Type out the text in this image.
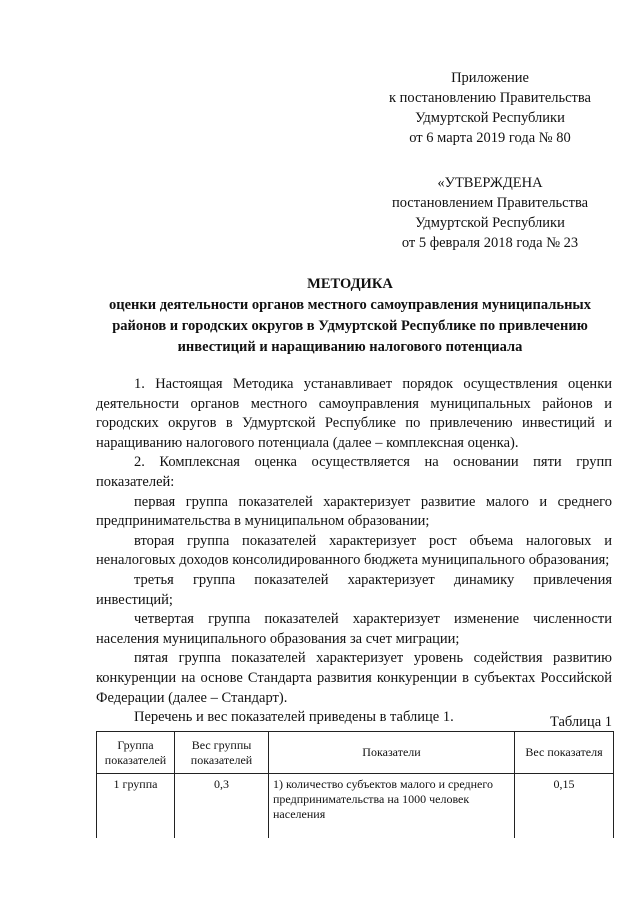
Приложение
к постановлению Правительства
Удмуртской Республики
от 6 марта 2019 года № 80
«УТВЕРЖДЕНА
постановлением Правительства
Удмуртской Республики
от 5 февраля 2018 года № 23
МЕТОДИКА
оценки деятельности органов местного самоуправления муниципальных
районов и городских округов в Удмуртской Республике по привлечению
инвестиций и наращиванию налогового потенциала

1. Настоящая Методика устанавливает порядок осуществления оценки деятельности органов местного самоуправления муниципальных районов и городских округов в Удмуртской Республике по привлечению инвестиций и наращиванию налогового потенциала (далее – комплексная оценка).

2. Комплексная оценка осуществляется на основании пяти групп показателей:

первая группа показателей характеризует развитие малого и среднего предпринимательства в муниципальном образовании;

вторая группа показателей характеризует рост объема налоговых и неналоговых доходов консолидированного бюджета муниципального образования;

третья группа показателей характеризует динамику привлечения инвестиций;

четвертая группа показателей характеризует изменение численности населения муниципального образования за счет миграции;

пятая группа показателей характеризует уровень содействия развитию конкуренции на основе Стандарта развития конкуренции в субъектах Российской Федерации (далее – Стандарт).

Перечень и вес показателей приведены в таблице 1.	Таблица 1
Группа показателей	Вес группы показателей	Показатели	Вес показателя
1 группа	0,3	1) количество субъектов малого и среднего предпринимательства на 1000 человек населения	0,15
